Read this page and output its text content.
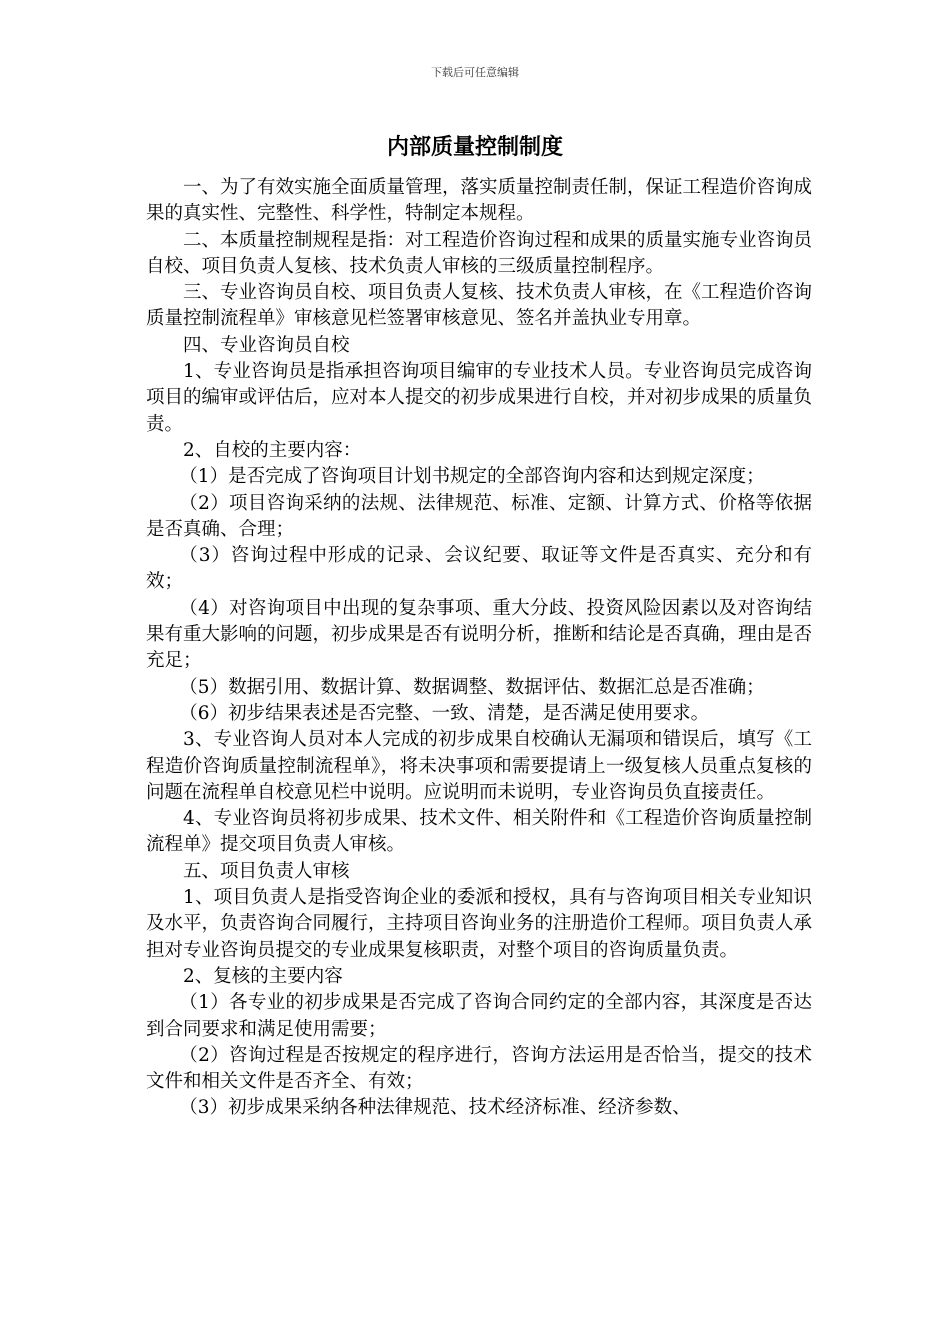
下载后可任意编辑
内部质量控制制度

一、为了有效实施全面质量管理，落实质量控制责任制，保证工程造价咨询成果的真实性、完整性、科学性，特制定本规程。

二、本质量控制规程是指：对工程造价咨询过程和成果的质量实施专业咨询员自校、项目负责人复核、技术负责人审核的三级质量控制程序。

三、专业咨询员自校、项目负责人复核、技术负责人审核，在《工程造价咨询质量控制流程单》审核意见栏签署审核意见、签名并盖执业专用章。

四、专业咨询员自校

1、专业咨询员是指承担咨询项目编审的专业技术人员。专业咨询员完成咨询项目的编审或评估后，应对本人提交的初步成果进行自校，并对初步成果的质量负责。

2、自校的主要内容：

（1）是否完成了咨询项目计划书规定的全部咨询内容和达到规定深度；

（2）项目咨询采纳的法规、法律规范、标准、定额、计算方式、价格等依据是否真确、合理；

（3）咨询过程中形成的记录、会议纪要、取证等文件是否真实、充分和有效；

（4）对咨询项目中出现的复杂事项、重大分歧、投资风险因素以及对咨询结果有重大影响的问题，初步成果是否有说明分析，推断和结论是否真确，理由是否充足；

（5）数据引用、数据计算、数据调整、数据评估、数据汇总是否准确；

（6）初步结果表述是否完整、一致、清楚，是否满足使用要求。

3、专业咨询人员对本人完成的初步成果自校确认无漏项和错误后，填写《工程造价咨询质量控制流程单》，将未决事项和需要提请上一级复核人员重点复核的问题在流程单自校意见栏中说明。应说明而未说明，专业咨询员负直接责任。

4、专业咨询员将初步成果、技术文件、相关附件和《工程造价咨询质量控制流程单》提交项目负责人审核。

五、项目负责人审核

1、项目负责人是指受咨询企业的委派和授权，具有与咨询项目相关专业知识及水平，负责咨询合同履行，主持项目咨询业务的注册造价工程师。项目负责人承担对专业咨询员提交的专业成果复核职责，对整个项目的咨询质量负责。

2、复核的主要内容

（1）各专业的初步成果是否完成了咨询合同约定的全部内容，其深度是否达到合同要求和满足使用需要；

（2）咨询过程是否按规定的程序进行，咨询方法运用是否恰当，提交的技术文件和相关文件是否齐全、有效；

（3）初步成果采纳各种法律规范、技术经济标准、经济参数、
